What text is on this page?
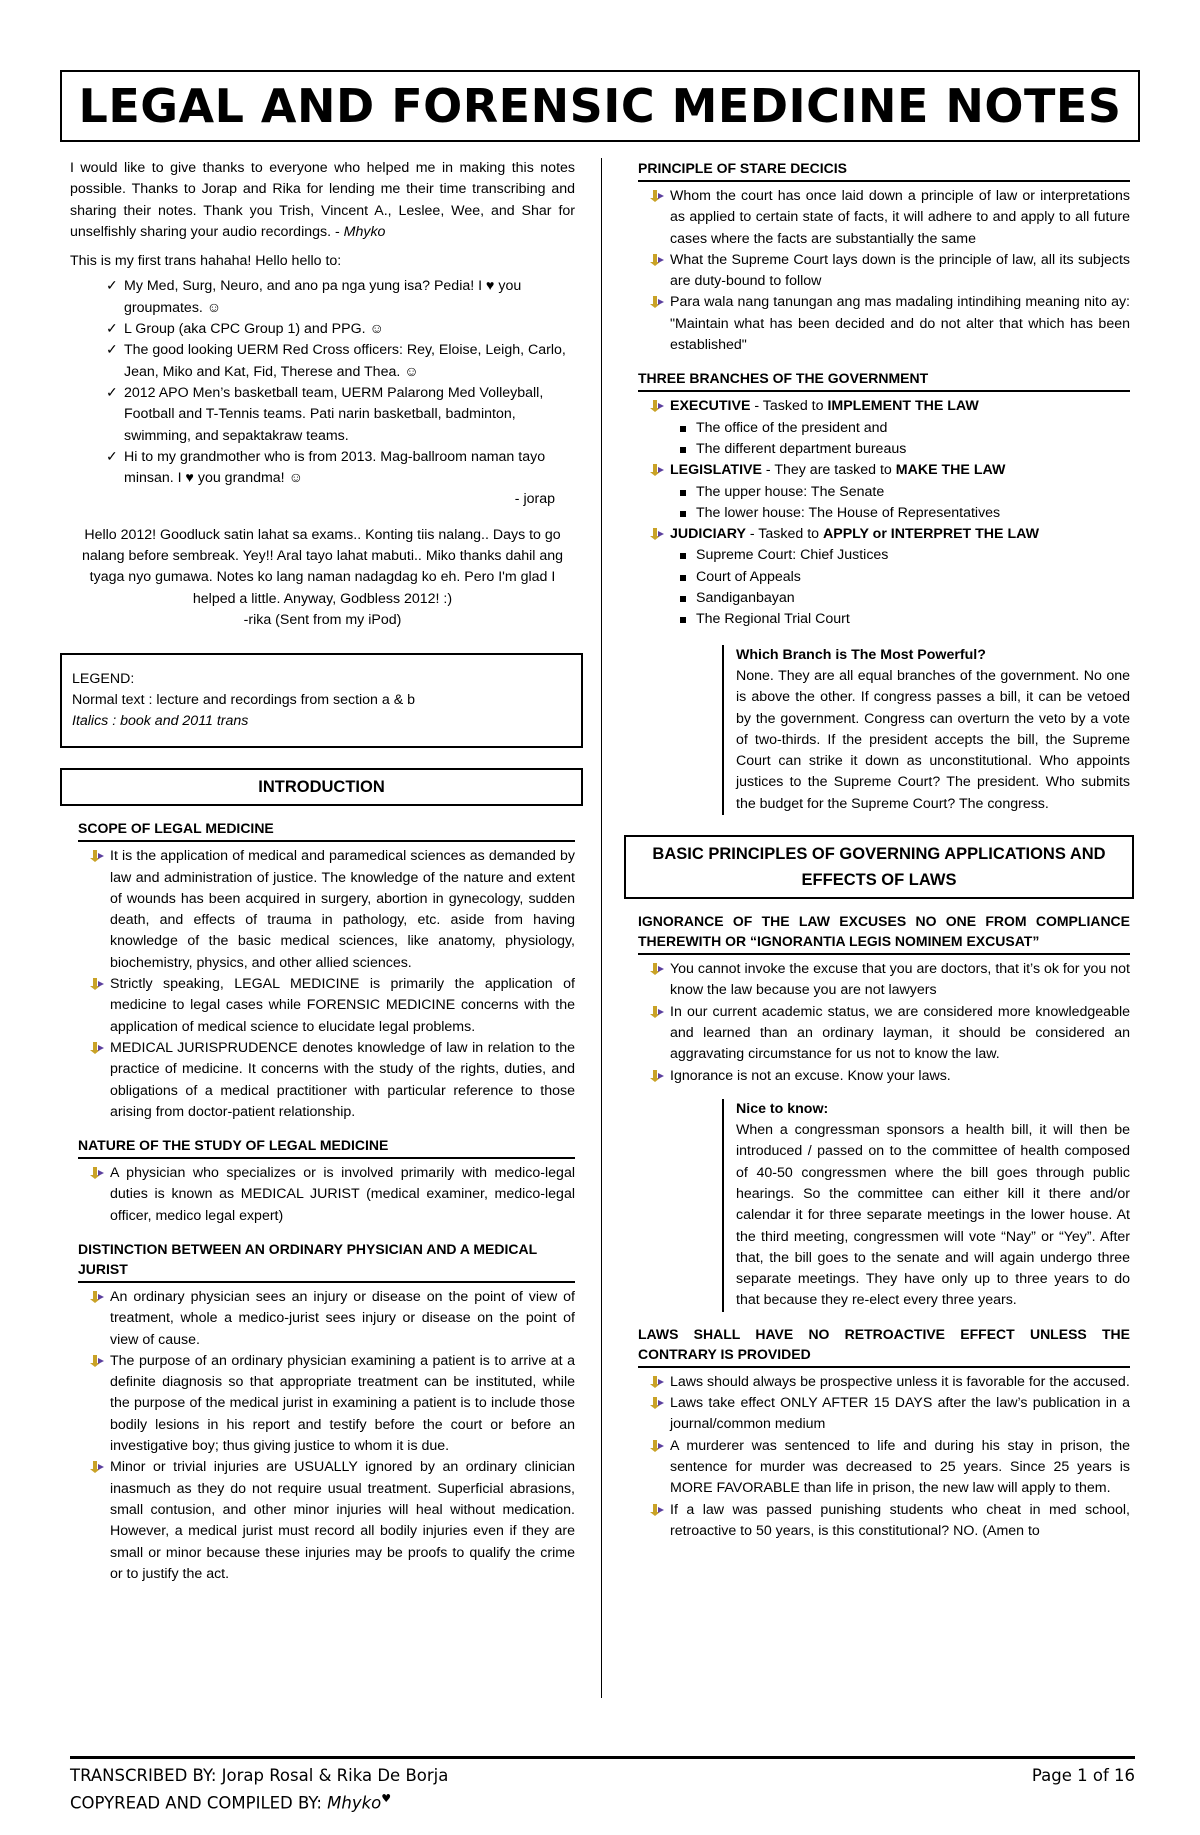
LEGAL AND FORENSIC MEDICINE NOTES

I would like to give thanks to everyone who helped me in making this notes possible. Thanks to Jorap and Rika for lending me their time transcribing and sharing their notes. Thank you Trish, Vincent A., Leslee, Wee, and Shar for unselfishly sharing your audio recordings. - Mhyko

This is my first trans hahaha! Hello hello to:

✓ My Med, Surg, Neuro, and ano pa nga yung isa? Pedia! I ♥ you groupmates. ☺
✓ L Group (aka CPC Group 1) and PPG. ☺
✓ The good looking UERM Red Cross officers: Rey, Eloise, Leigh, Carlo, Jean, Miko and Kat, Fid, Therese and Thea. ☺
✓ 2012 APO Men’s basketball team, UERM Palarong Med Volleyball, Football and T-Tennis teams. Pati narin basketball, badminton, swimming, and sepaktakraw teams.
✓ Hi to my grandmother who is from 2013. Mag-ballroom naman tayo minsan. I ♥ you grandma! ☺

- jorap

Hello 2012! Goodluck satin lahat sa exams.. Konting tiis nalang.. Days to go nalang before sembreak. Yey!! Aral tayo lahat mabuti.. Miko thanks dahil ang tyaga nyo gumawa. Notes ko lang naman nadagdag ko eh. Pero I'm glad I helped a little. Anyway, Godbless 2012! :)

-rika (Sent from my iPod)

LEGEND:

Normal text : lecture and recordings from section a & b

Italics : book and 2011 trans

INTRODUCTION
SCOPE OF LEGAL MEDICINE
It is the application of medical and paramedical sciences as demanded by law and administration of justice. The knowledge of the nature and extent of wounds has been acquired in surgery, abortion in gynecology, sudden death, and effects of trauma in pathology, etc. aside from having knowledge of the basic medical sciences, like anatomy, physiology, biochemistry, physics, and other allied sciences.
Strictly speaking, LEGAL MEDICINE is primarily the application of medicine to legal cases while FORENSIC MEDICINE concerns with the application of medical science to elucidate legal problems.
MEDICAL JURISPRUDENCE denotes knowledge of law in relation to the practice of medicine. It concerns with the study of the rights, duties, and obligations of a medical practitioner with particular reference to those arising from doctor-patient relationship.
NATURE OF THE STUDY OF LEGAL MEDICINE
A physician who specializes or is involved primarily with medico-legal duties is known as MEDICAL JURIST (medical examiner, medico-legal officer, medico legal expert)
DISTINCTION BETWEEN AN ORDINARY PHYSICIAN AND A MEDICAL JURIST
An ordinary physician sees an injury or disease on the point of view of treatment, whole a medico-jurist sees injury or disease on the point of view of cause.
The purpose of an ordinary physician examining a patient is to arrive at a definite diagnosis so that appropriate treatment can be instituted, while the purpose of the medical jurist in examining a patient is to include those bodily lesions in his report and testify before the court or before an investigative boy; thus giving justice to whom it is due.
Minor or trivial injuries are USUALLY ignored by an ordinary clinician inasmuch as they do not require usual treatment. Superficial abrasions, small contusion, and other minor injuries will heal without medication. However, a medical jurist must record all bodily injuries even if they are small or minor because these injuries may be proofs to qualify the crime or to justify the act.
PRINCIPLE OF STARE DECICIS
Whom the court has once laid down a principle of law or interpretations as applied to certain state of facts, it will adhere to and apply to all future cases where the facts are substantially the same
What the Supreme Court lays down is the principle of law, all its subjects are duty-bound to follow
Para wala nang tanungan ang mas madaling intindihing meaning nito ay: "Maintain what has been decided and do not alter that which has been established"
THREE BRANCHES OF THE GOVERNMENT
EXECUTIVE - Tasked to IMPLEMENT THE LAW
The office of the president and
The different department bureaus
LEGISLATIVE - They are tasked to MAKE THE LAW
The upper house: The Senate
The lower house: The House of Representatives
JUDICIARY - Tasked to APPLY or INTERPRET THE LAW
Supreme Court: Chief Justices
Court of Appeals
Sandiganbayan
The Regional Trial Court

Which Branch is The Most Powerful?

None. They are all equal branches of the government. No one is above the other. If congress passes a bill, it can be vetoed by the government. Congress can overturn the veto by a vote of two-thirds. If the president accepts the bill, the Supreme Court can strike it down as unconstitutional. Who appoints justices to the Supreme Court? The president. Who submits the budget for the Supreme Court? The congress.

BASIC PRINCIPLES OF GOVERNING APPLICATIONS AND EFFECTS OF LAWS
IGNORANCE OF THE LAW EXCUSES NO ONE FROM COMPLIANCE THEREWITH OR “IGNORANTIA LEGIS NOMINEM EXCUSAT”
You cannot invoke the excuse that you are doctors, that it’s ok for you not know the law because you are not lawyers
In our current academic status, we are considered more knowledgeable and learned than an ordinary layman, it should be considered an aggravating circumstance for us not to know the law.
Ignorance is not an excuse. Know your laws.

Nice to know:

When a congressman sponsors a health bill, it will then be introduced / passed on to the committee of health composed of 40-50 congressmen where the bill goes through public hearings. So the committee can either kill it there and/or calendar it for three separate meetings in the lower house. At the third meeting, congressmen will vote “Nay” or “Yey”. After that, the bill goes to the senate and will again undergo three separate meetings. They have only up to three years to do that because they re-elect every three years.

LAWS SHALL HAVE NO RETROACTIVE EFFECT UNLESS THE CONTRARY IS PROVIDED
Laws should always be prospective unless it is favorable for the accused.
Laws take effect ONLY AFTER 15 DAYS after the law’s publication in a journal/common medium
A murderer was sentenced to life and during his stay in prison, the sentence for murder was decreased to 25 years. Since 25 years is MORE FAVORABLE than life in prison, the new law will apply to them.
If a law was passed punishing students who cheat in med school, retroactive to 50 years, is this constitutional? NO. (Amen to
TRANSCRIBED BY: Jorap Rosal & Rika De Borja	Page 1 of 16
COPYREAD AND COMPILED BY: Mhyko♥
